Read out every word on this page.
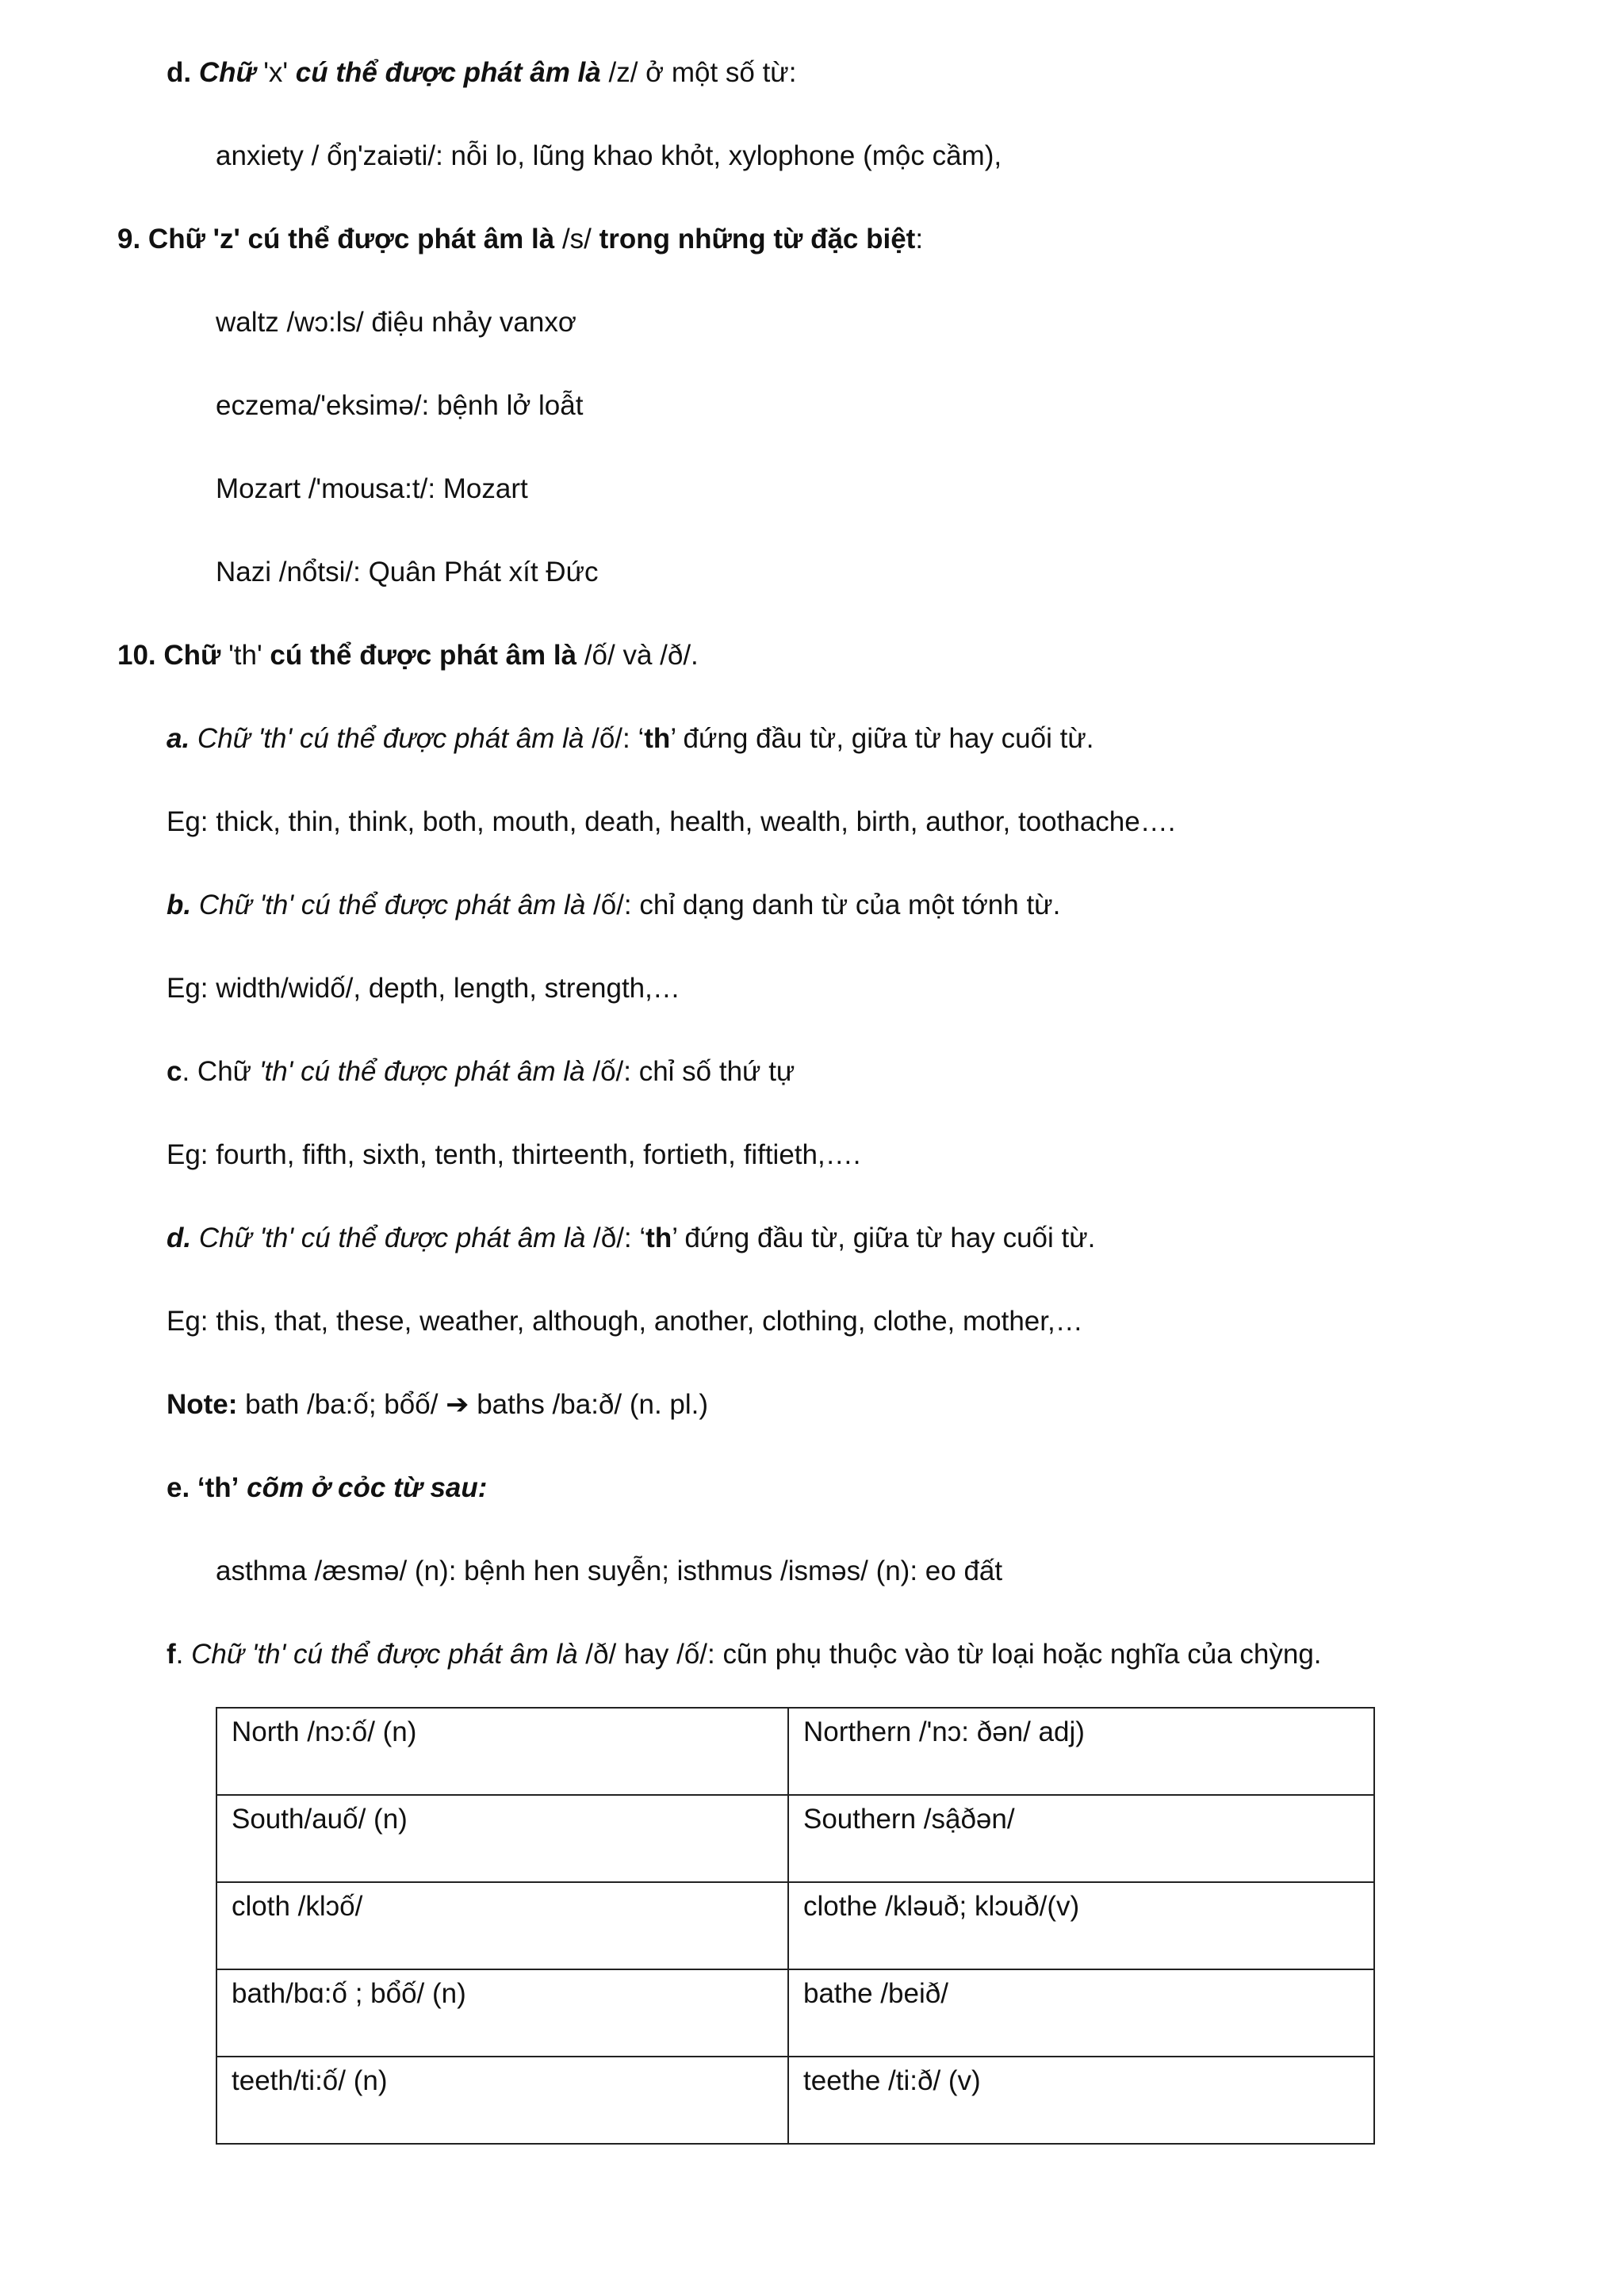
d. Chữ 'x' cú thể được phát âm là /z/ ở một số từ:
anxiety / ổŋ'zaiəti/: nỗi lo, lũng khao khỏt, xylophone (mộc cầm),
9. Chữ 'z' cú thể được phát âm là /s/ trong những từ đặc biệt:
waltz /wɔ:ls/ điệu nhảy vanxơ
eczema/'eksimə/: bệnh lở loẫt
Mozart /'mousa:t/: Mozart
Nazi /nổtsi/: Quân Phát xít Đức
10. Chữ 'th' cú thể được phát âm là /ố/ và /ð/.
a. Chữ 'th' cú thể được phát âm là /ố/: ‘th’ đứng đầu từ, giữa từ hay cuối từ.
Eg: thick, thin, think, both, mouth, death, health, wealth, birth, author, toothache….
b. Chữ 'th' cú thể được phát âm là /ố/: chỉ dạng danh từ của một tớnh từ.
Eg: width/widố/, depth, length, strength,…
c. Chữ 'th' cú thể được phát âm là /ố/: chỉ số thứ tự
Eg: fourth, fifth, sixth, tenth, thirteenth, fortieth, fiftieth,….
d. Chữ 'th' cú thể được phát âm là /ð/: ‘th’ đứng đầu từ, giữa từ hay cuối từ.
Eg: this, that, these, weather, although, another, clothing, clothe, mother,…
Note: bath /ba:ố; bổố/ ➔ baths /ba:ð/ (n. pl.)
e. ‘th’ cõm ở cỏc từ sau:
asthma /æsmə/ (n): bệnh hen suyễn; isthmus /isməs/ (n): eo đất
f. Chữ 'th' cú thể được phát âm là /ð/ hay /ố/: cũn phụ thuộc vào từ loại hoặc nghĩa của chỳng.
North /nɔ:ố/ (n)	Northern /'nɔ: ðən/ adj)
South/auố/ (n)	Southern /sậðən/
cloth /klɔố/	clothe /kləuð; klɔuð/(v)
bath/bɑ:ố ; bổố/ (n)	bathe /beið/
teeth/ti:ố/ (n)	teethe /ti:ð/ (v)
